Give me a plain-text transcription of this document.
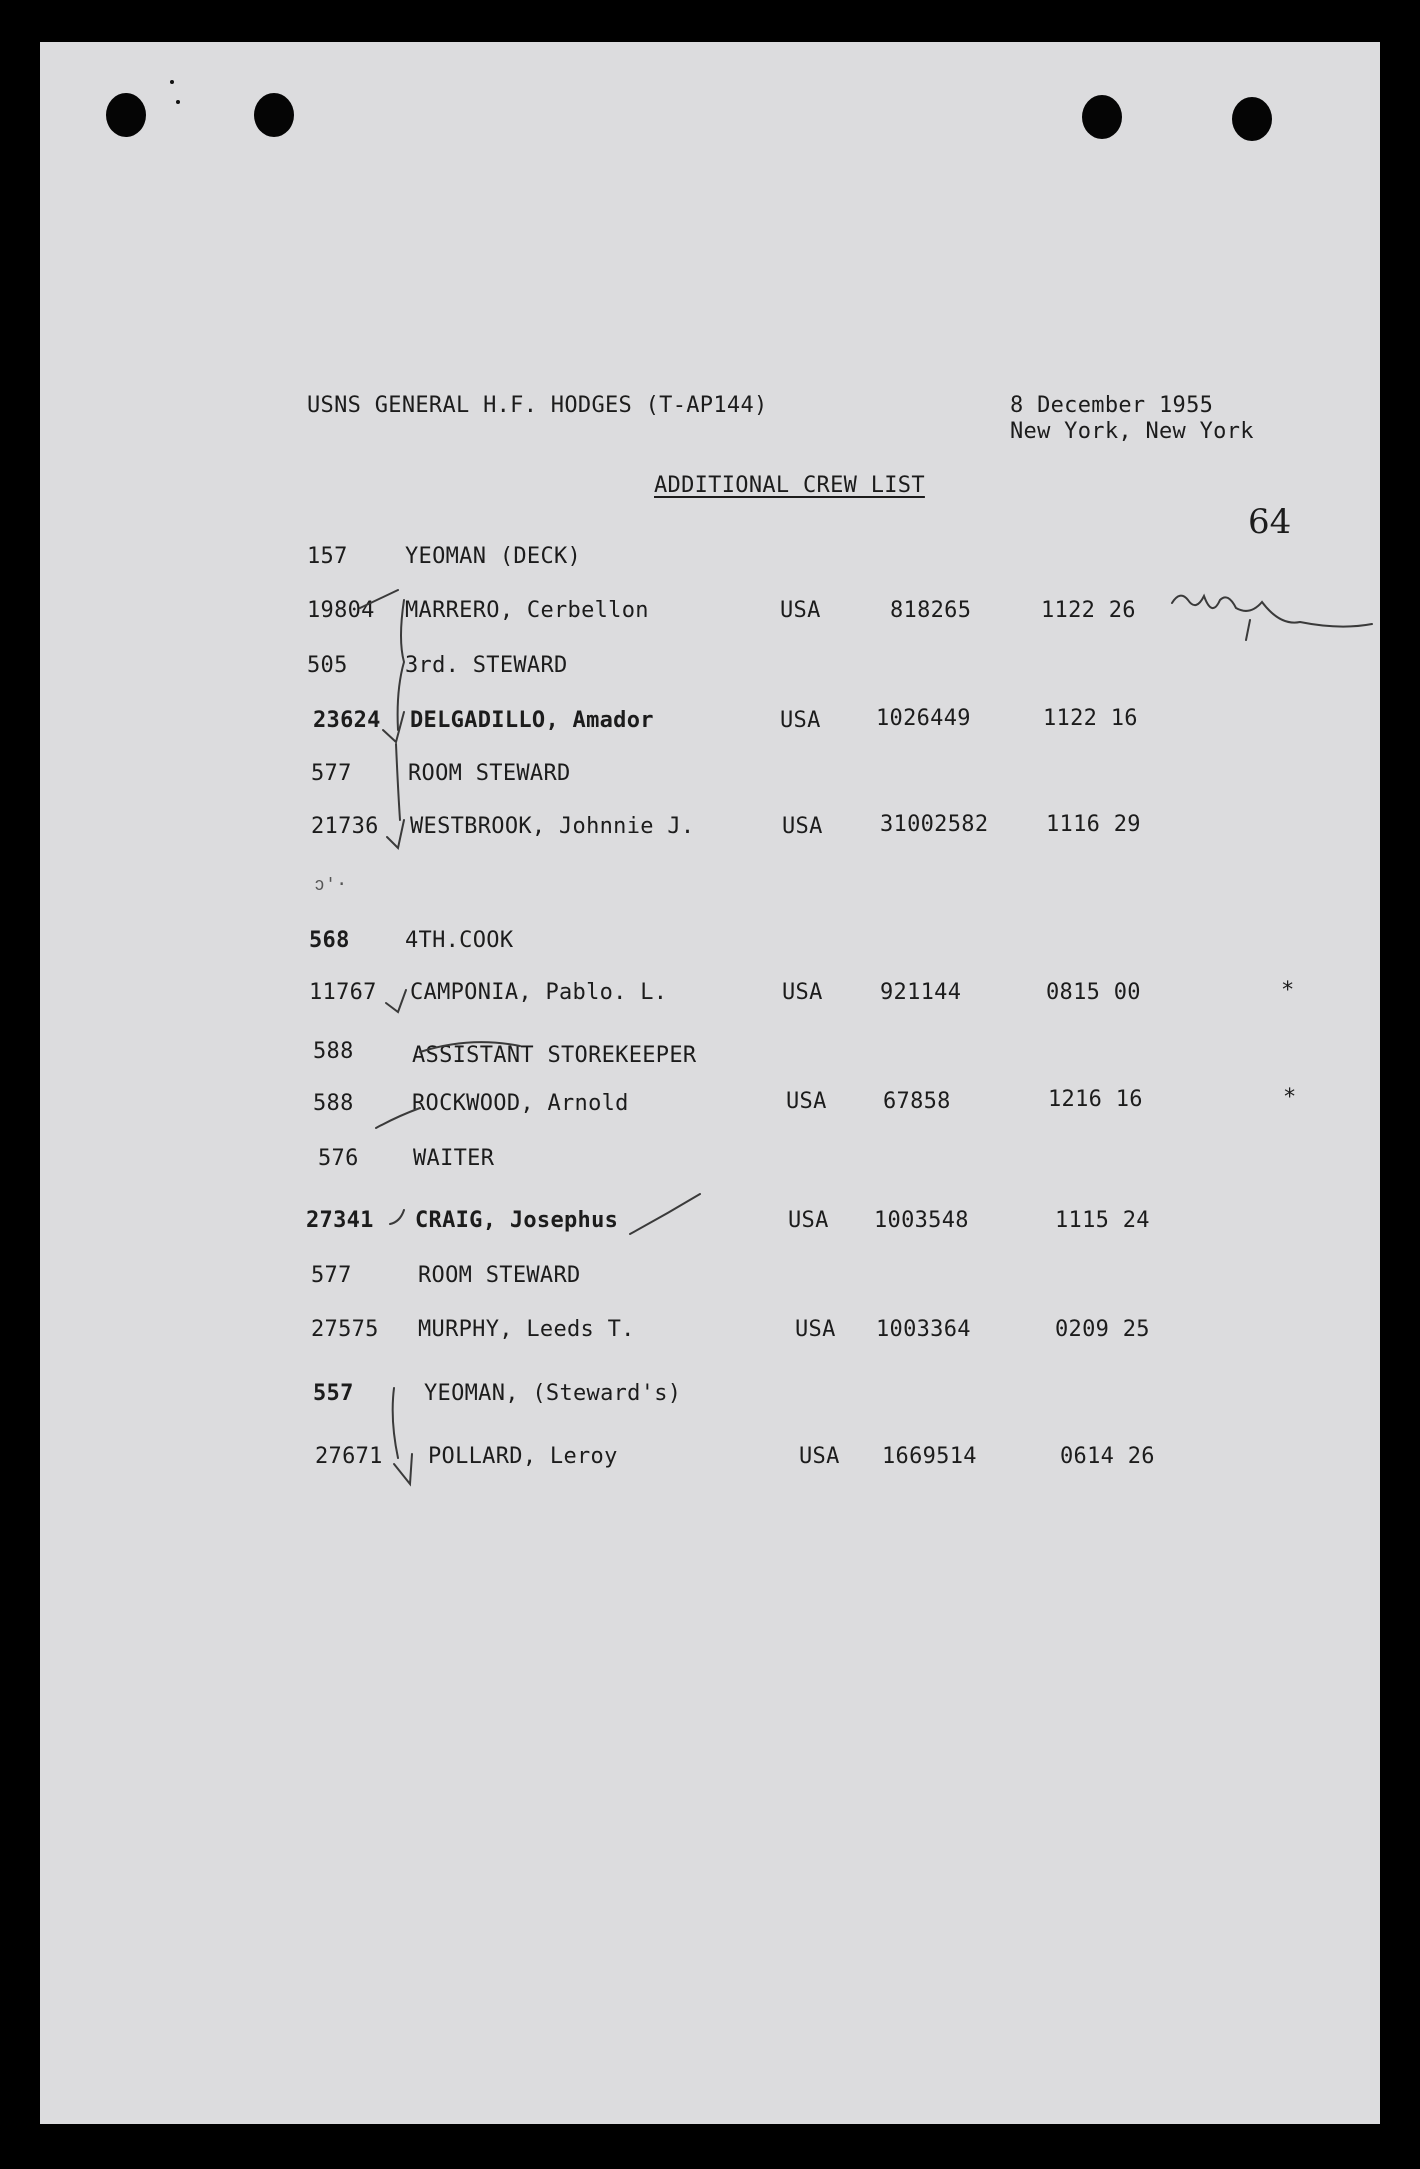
USNS GENERAL H.F. HODGES (T-AP144)	8 December 1955
New York, New York
ADDITIONAL CREW LIST
64
157	YEOMAN (DECK)
19804 MARRERO, Cerbellon	USA	818265	1122 26
505	3rd. STEWARD
23624 DELGADILLO, Amador	USA	1026449	1122 16
577	ROOM STEWARD
21736 WESTBROOK, Johnnie J.	USA	31002582	1116 29
ↄ'·
568	4TH.COOK
11767 CAMPONIA, Pablo. L.	USA	921144	0815 00	*
588	ASSISTANT STOREKEEPER
588	ROCKWOOD, Arnold	USA	67858	1216 16	*
576 WAITER
27341 CRAIG, Josephus	USA 1003548	1115 24
577	ROOM STEWARD
27575 MURPHY, Leeds T.	USA 1003364	0209 25
557	YEOMAN, (Steward's)
27671 POLLARD, Leroy	USA 1669514	0614 26
